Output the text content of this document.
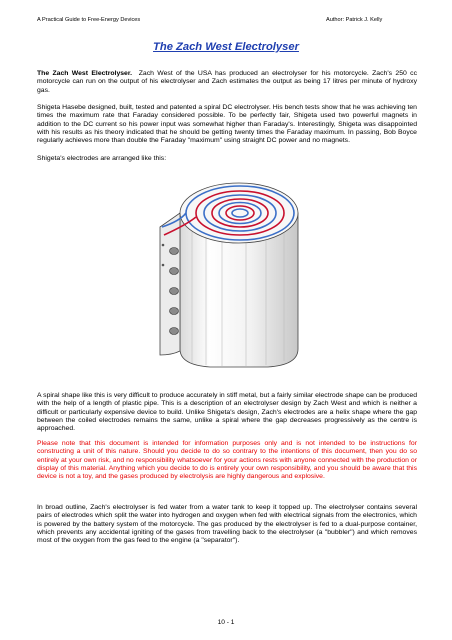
A Practical Guide to Free-Energy Devices	Author: Patrick J. Kelly
The Zach West Electrolyser

The Zach West Electrolyser. Zach West of the USA has produced an electrolyser for his motorcycle. Zach's 250 cc motorcycle can run on the output of his electrolyser and Zach estimates the output as being 17 litres per minute of hydroxy gas.

Shigeta Hasebe designed, built, tested and patented a spiral DC electrolyser. His bench tests show that he was achieving ten times the maximum rate that Faraday considered possible. To be perfectly fair, Shigeta used two powerful magnets in addition to the DC current so his power input was somewhat higher than Faraday's. Interestingly, Shigeta was disappointed with his results as his theory indicated that he should be getting twenty times the Faraday maximum. In passing, Bob Boyce regularly achieves more than double the Faraday "maximum" using straight DC power and no magnets.

Shigeta's electrodes are arranged like this:

A spiral shape like this is very difficult to produce accurately in stiff metal, but a fairly similar electrode shape can be produced with the help of a length of plastic pipe. This is a description of an electrolyser design by Zach West and which is neither a difficult or particularly expensive device to build. Unlike Shigeta's design, Zach's electrodes are a helix shape where the gap between the coiled electrodes remains the same, unlike a spiral where the gap decreases progressively as the centre is approached.

Please note that this document is intended for information purposes only and is not intended to be instructions for constructing a unit of this nature. Should you decide to do so contrary to the intentions of this document, then you do so entirely at your own risk, and no responsibility whatsoever for your actions rests with anyone connected with the production or display of this material. Anything which you decide to do is entirely your own responsibility, and you should be aware that this device is not a toy, and the gases produced by electrolysis are highly dangerous and explosive.

In broad outline, Zach's electrolyser is fed water from a water tank to keep it topped up. The electrolyser contains several pairs of electrodes which split the water into hydrogen and oxygen when fed with electrical signals from the electronics, which is powered by the battery system of the motorcycle. The gas produced by the electrolyser is fed to a dual-purpose container, which prevents any accidental igniting of the gases from travelling back to the electrolyser (a "bubbler") and which removes most of the oxygen from the gas feed to the engine (a "separator").

10 - 1
